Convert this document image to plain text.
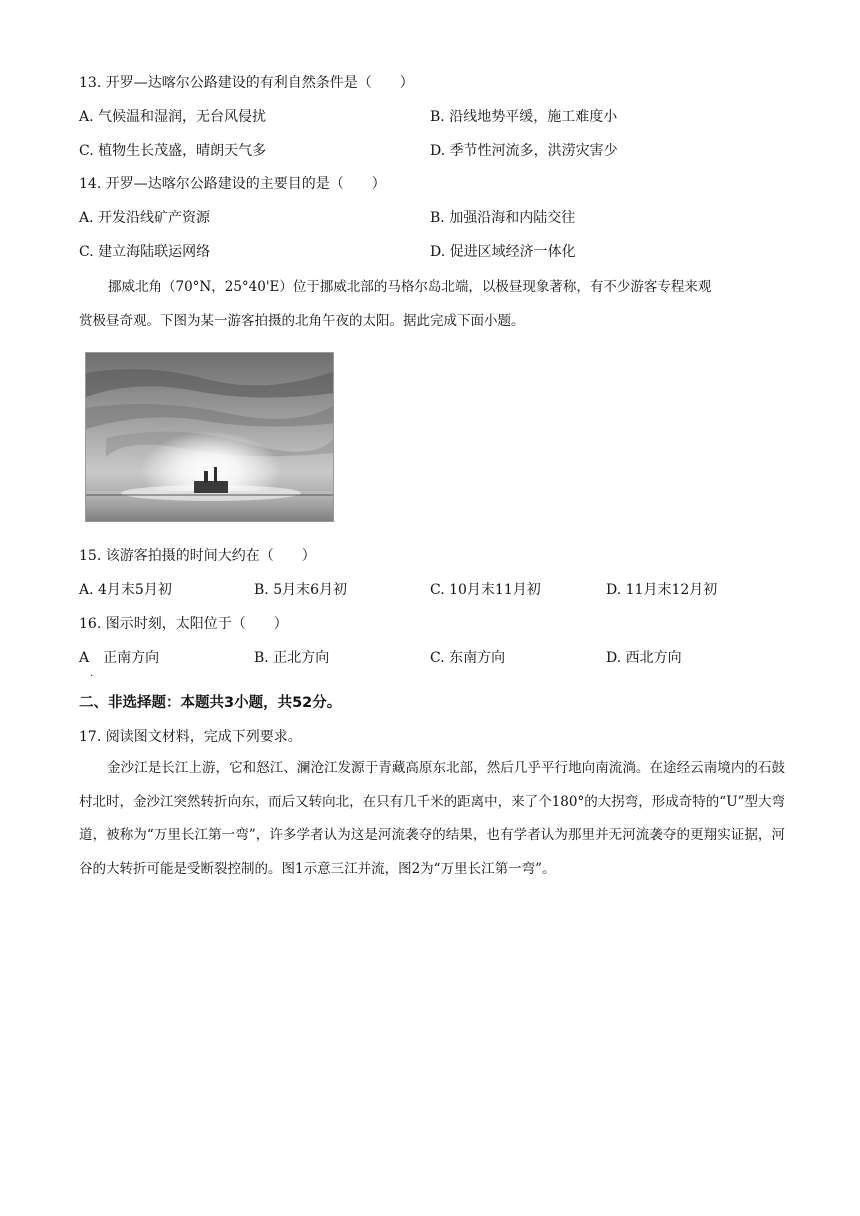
13. 开罗—达喀尔公路建设的有利自然条件是（　　）
A. 气候温和湿润，无台风侵扰	B. 沿线地势平缓，施工难度小
C. 植物生长茂盛，晴朗天气多	D. 季节性河流多，洪涝灾害少
14. 开罗—达喀尔公路建设的主要目的是（　　）
A. 开发沿线矿产资源	B. 加强沿海和内陆交往
C. 建立海陆联运网络	D. 促进区域经济一体化
挪威北角（70°N，25°40'E）位于挪威北部的马格尔岛北端，以极昼现象著称，有不少游客专程来观
赏极昼奇观。下图为某一游客拍摄的北角午夜的太阳。据此完成下面小题。
15. 该游客拍摄的时间大约在（　　）
A. 4月末5月初	B. 5月末6月初	C. 10月末11月初	D. 11月末12月初
16. 图示时刻，太阳位于（　　）
A　正南方向
·
B. 正北方向	C. 东南方向	D. 西北方向
二、非选择题：本题共3小题，共52分。
17. 阅读图文材料，完成下列要求。
金沙江是长江上游，它和怒江、澜沧江发源于青藏高原东北部，然后几乎平行地向南流淌。在途经云南境内的石鼓村北时，金沙江突然转折向东，而后又转向北，在只有几千米的距离中，来了个180°的大拐弯，形成奇特的“U”型大弯道，被称为“万里长江第一弯”，许多学者认为这是河流袭夺的结果，也有学者认为那里并无河流袭夺的更翔实证据，河谷的大转折可能是受断裂控制的。图1示意三江并流，图2为“万里长江第一弯”。
